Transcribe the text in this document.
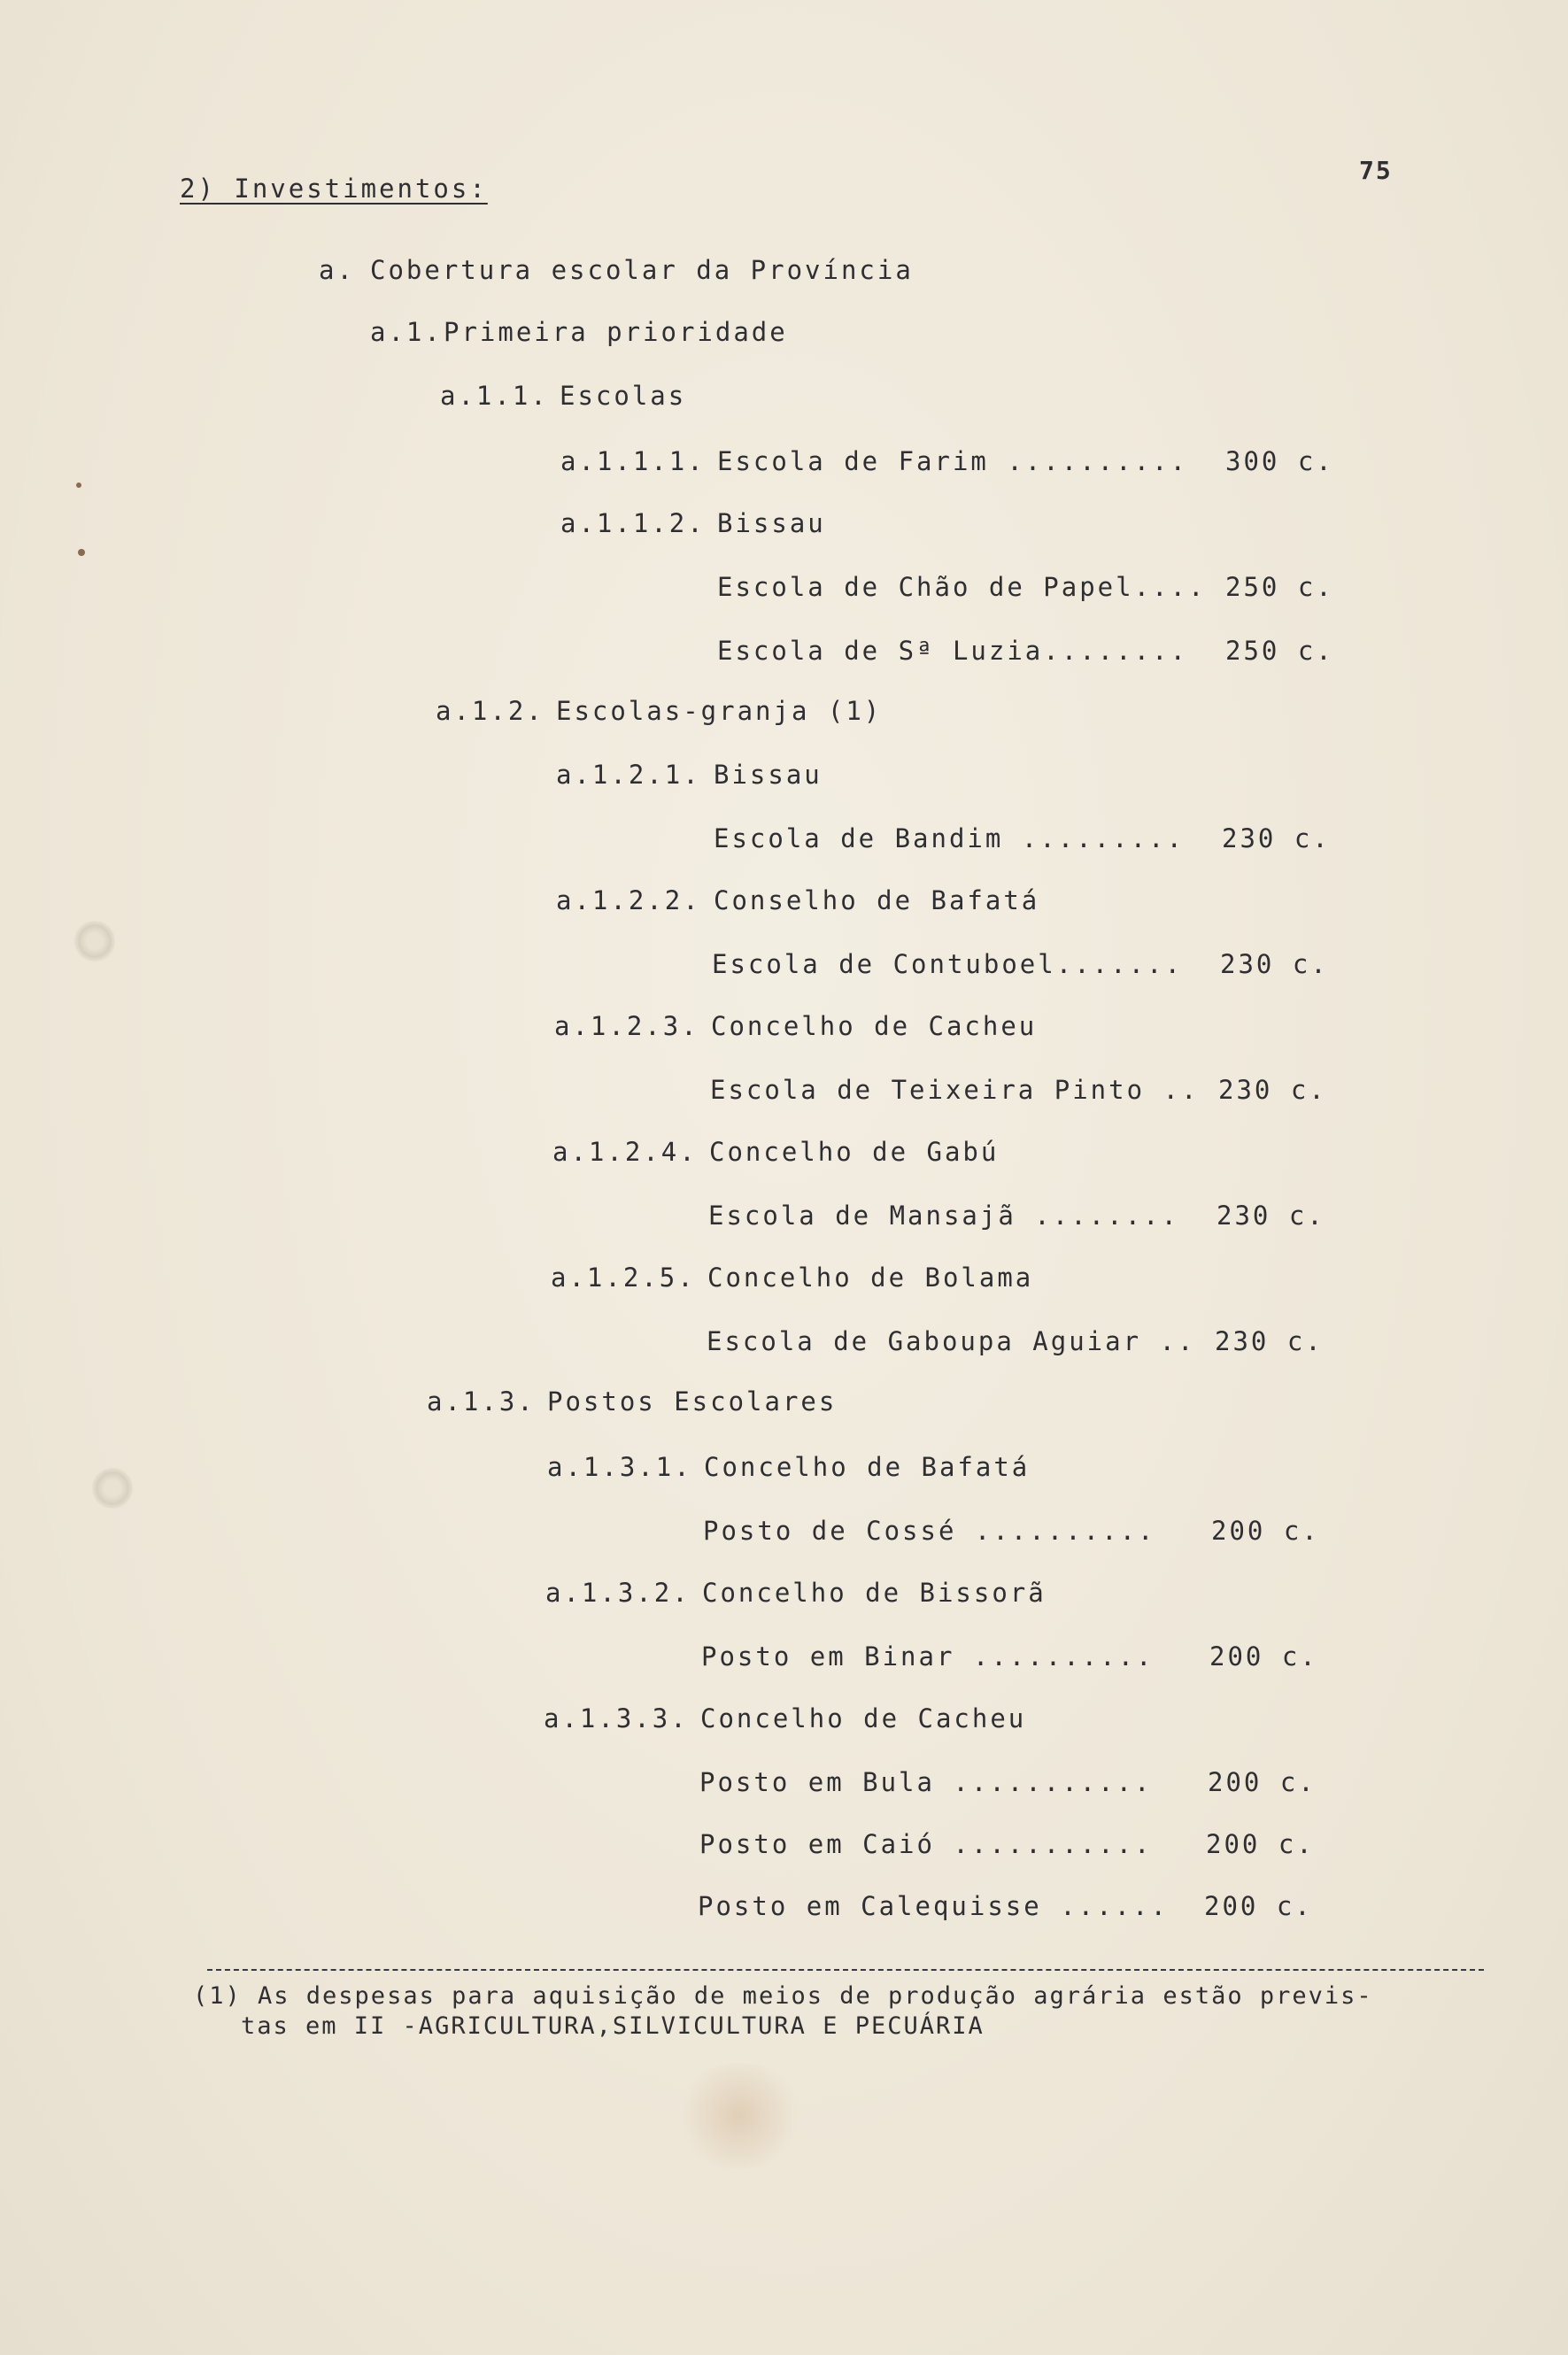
75
2) Investimentos:
a. Cobertura escolar da Província
a.1. Primeira prioridade
a.1.1. Escolas
a.1.1.1. Escola de Farim .......... 300 c.
a.1.1.2. Bissau
Escola de Chão de Papel.... 250 c.
Escola de Sª Luzia........ 250 c.
a.1.2. Escolas-granja (1)
a.1.2.1. Bissau
Escola de Bandim ......... 230 c.
a.1.2.2. Conselho de Bafatá
Escola de Contuboel....... 230 c.
a.1.2.3. Concelho de Cacheu
Escola de Teixeira Pinto .. 230 c.
a.1.2.4. Concelho de Gabú
Escola de Mansajã ........ 230 c.
a.1.2.5. Concelho de Bolama
Escola de Gaboupa Aguiar .. 230 c.
a.1.3. Postos Escolares
a.1.3.1. Concelho de Bafatá
Posto de Cossé .......... 200 c.
a.1.3.2. Concelho de Bissorã
Posto em Binar .......... 200 c.
a.1.3.3. Concelho de Cacheu
Posto em Bula ........... 200 c.
Posto em Caió ........... 200 c.
Posto em Calequisse ...... 200 c.
(1) As despesas para aquisição de meios de produção agrária estão previs-
tas em II -AGRICULTURA,SILVICULTURA E PECUÁRIA
